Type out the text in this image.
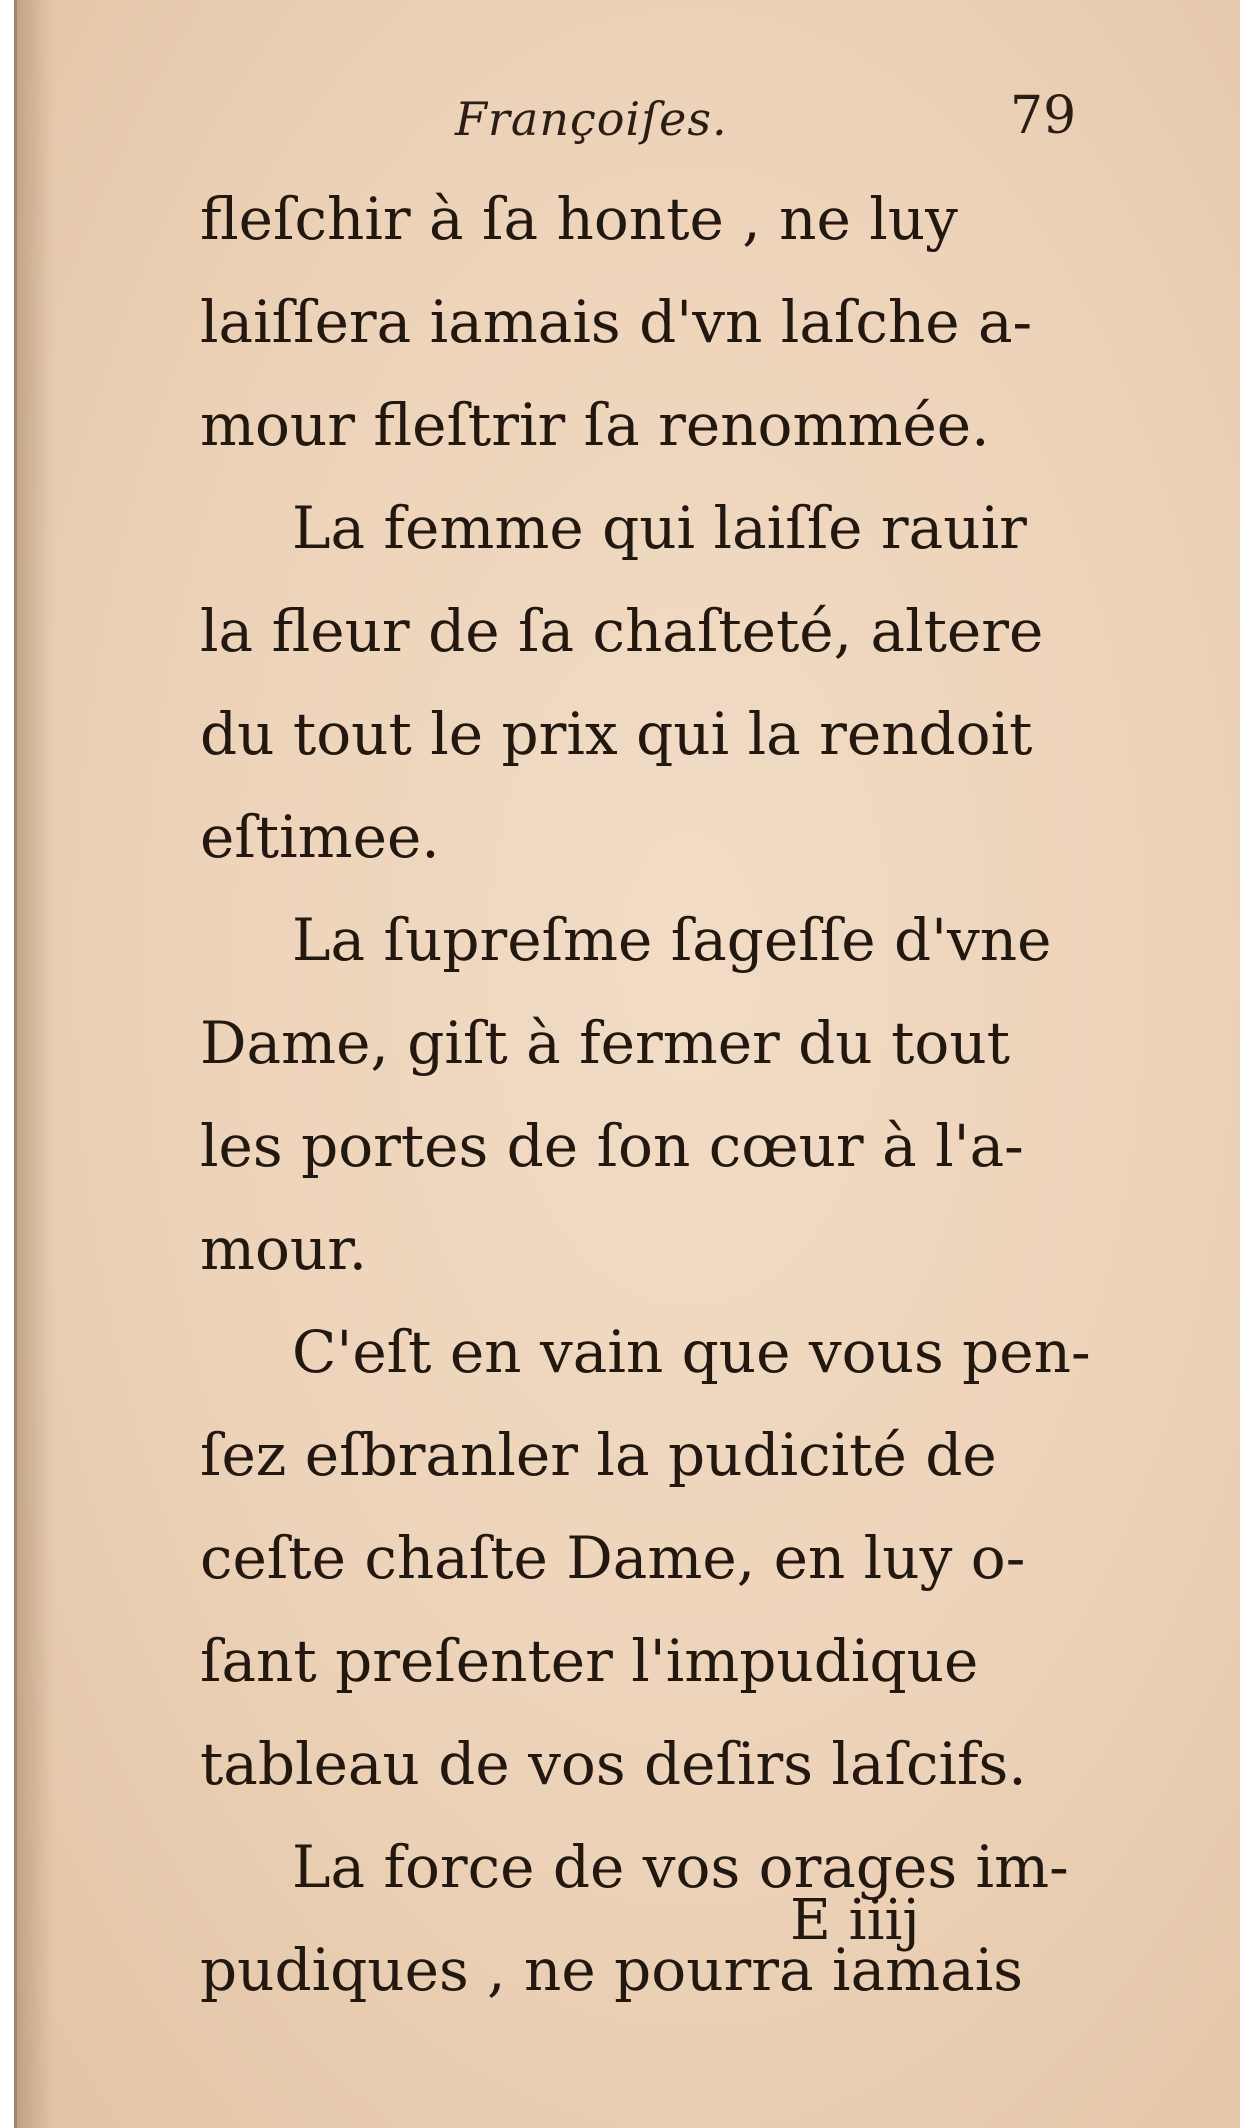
Françoiſes.	79
fleſchir à ſa honte , ne luy
laiſſera iamais d'vn laſche a-
mour fleſtrir ſa renommée.
La femme qui laiſſe rauir
la fleur de ſa chaſteté, altere
du tout le prix qui la rendoit
eſtimee.
La ſupreſme ſageſſe d'vne
Dame, giſt à fermer du tout
les portes de ſon cœur à l'a-
mour.
C'eſt en vain que vous pen-
ſez eſbranler la pudicité de
ceſte chaſte Dame, en luy o-
ſant preſenter l'impudique
tableau de vos deſirs laſcifs.
La force de vos orages im-
pudiques , ne pourra iamais
E iiij
